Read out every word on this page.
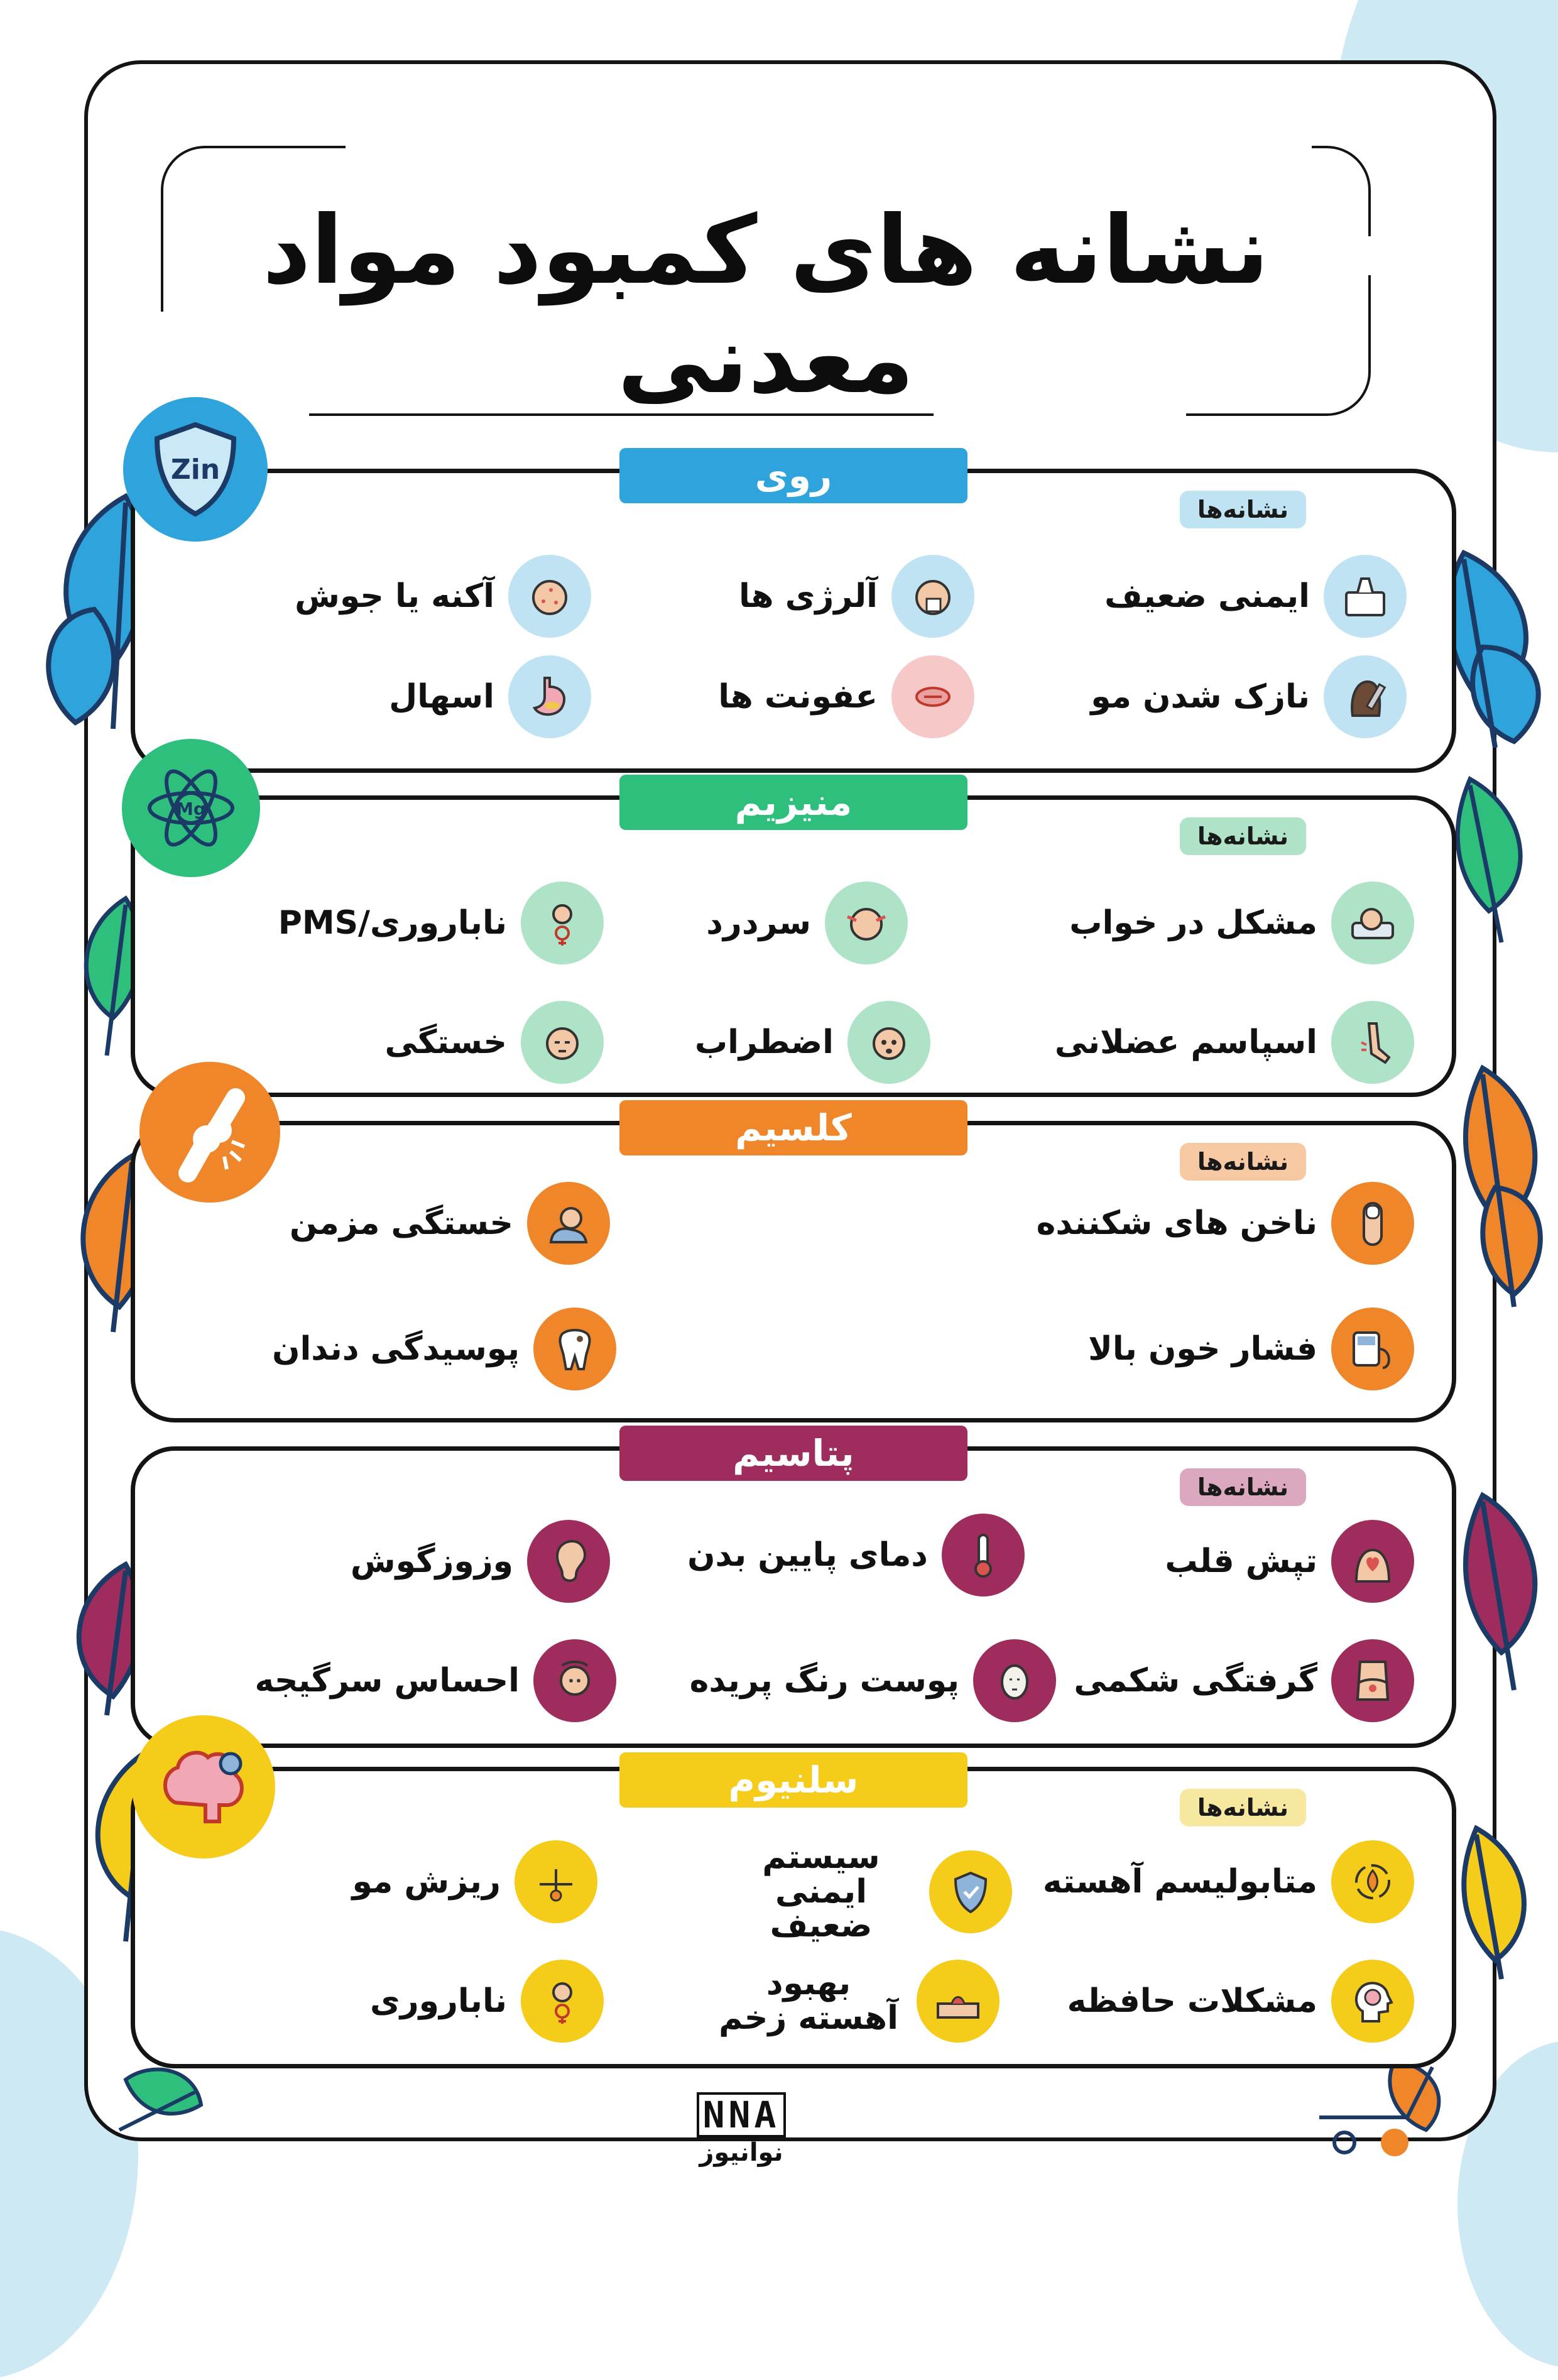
نشانه های کمبود مواد معدنی
روی
نشانه‌ها
ایمنی ضعیف
آلرژی ها
آکنه یا جوش
نازک شدن مو
عفونت ها
اسهال
Zin
منیزیم
نشانه‌ها
مشکل در خواب
سردرد
ناباروری/PMS
اسپاسم عضلانی
اضطراب
خستگی
Mg
کلسیم
نشانه‌ها
ناخن های شکننده
خستگی مزمن
فشار خون بالا
پوسیدگی دندان
پتاسیم
نشانه‌ها
تپش قلب
دمای پایین بدن
وزوزگوش
گرفتگی شکمی
پوست رنگ پریده
احساس سرگیجه
سلنیوم
نشانه‌ها
متابولیسم آهسته
سیستم ایمنی ضعیف
ریزش مو
مشکلات حافظه
بهبود آهسته زخم
ناباروری
NNA
نوآنیوز
